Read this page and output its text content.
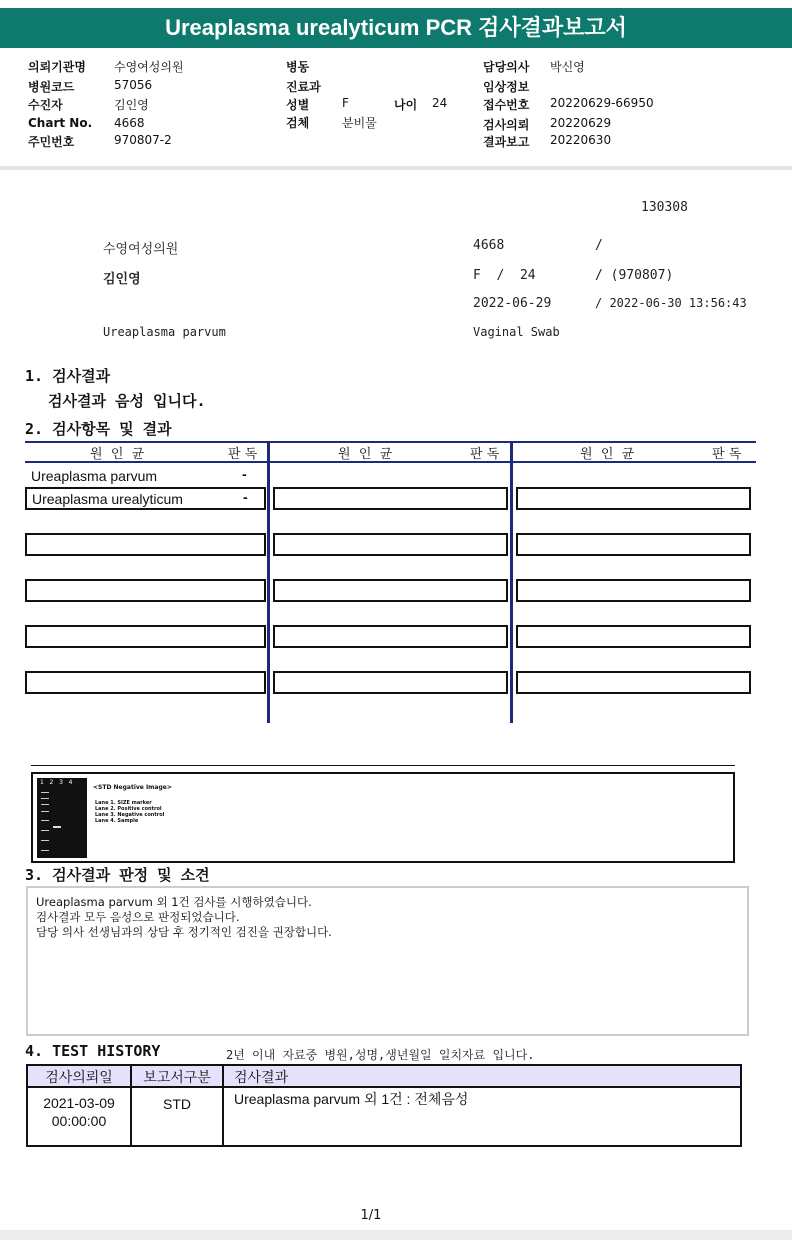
Ureaplasma urealyticum PCR 검사결과보고서
의뢰기관명 수영여성의원
병원코드	57056
수진자	김인영
Chart No. 4668
주민번호	970807-2
병동
진료과
성별	F	나이 24
검체	분비물
담당의사 박신영
임상정보
접수번호 20220629-66950
검사의뢰 20220629
결과보고 20220630
130308
수영여성의원	4668	/
김인영	F  /  24	/ (970807)
2022-06-29	/ 2022-06-30 13:56:43
Ureaplasma parvum	Vaginal Swab
1. 검사결과
검사결과 음성 입니다.
2. 검사항목 및 결과
원  인  균	판 독	원  인  균	판 독	원  인  균	판 독
Ureaplasma parvum	-
Ureaplasma urealyticum	-
1   2   3   4
<STD Negative Image>
Lane 1. SIZE marker
Lane 2. Positive control
Lane 3. Negative control
Lane 4. Sample
3. 검사결과 판정 및 소견
Ureaplasma parvum 외 1건 검사를 시행하였습니다.
검사결과 모두 음성으로 판정되었습니다.
담당 의사 선생님과의 상담 후 정기적인 검진을 권장합니다.
4. TEST HISTORY	2년 이내 자료중 병원,성명,생년월일 일치자료 입니다.
검사의뢰일	보고서구분	검사결과
2021-03-09
00:00:00
STD	Ureaplasma parvum 외 1건 : 전체음성
1/1
